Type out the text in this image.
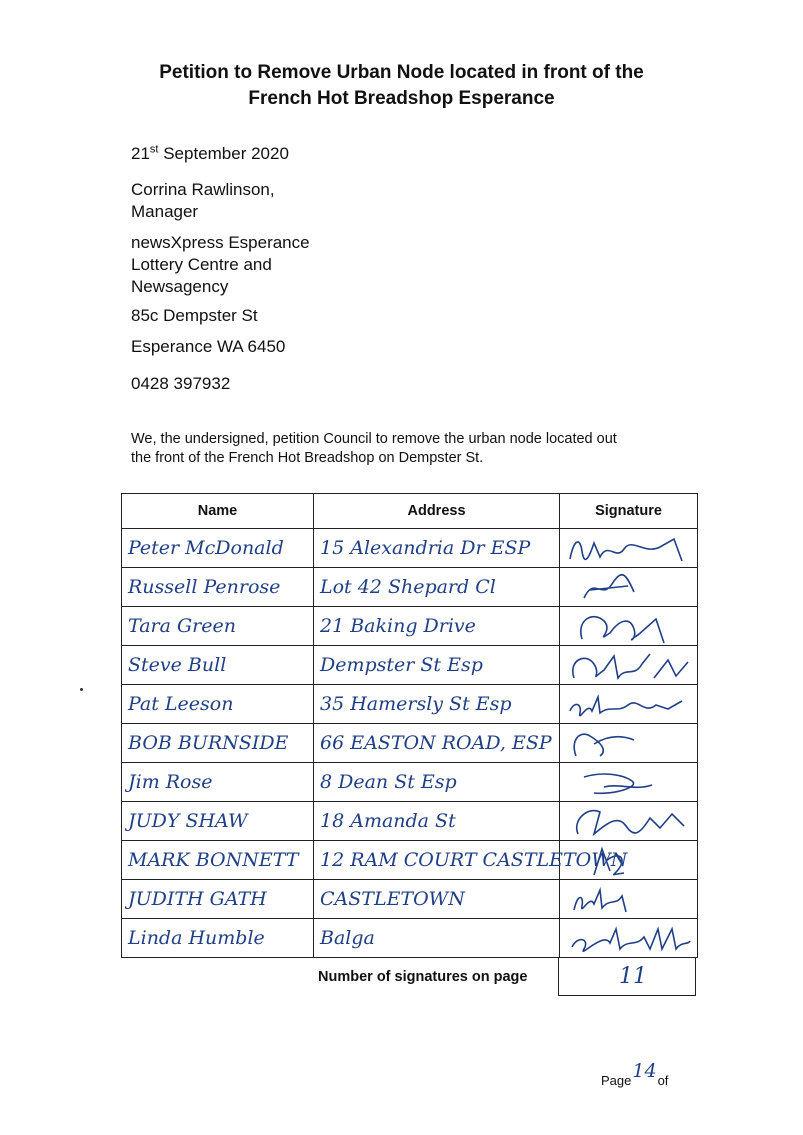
Petition to Remove Urban Node located in front of the
French Hot Breadshop Esperance
21st September 2020
Corrina Rawlinson,
Manager
newsXpress Esperance
Lottery Centre and
Newsagency
85c Dempster St
Esperance WA 6450
0428 397932
We, the undersigned, petition Council to remove the urban node located out
the front of the French Hot Breadshop on Dempster St.
Name	Address	Signature

Peter McDonald	15 Alexandria Dr ESP

Russell Penrose	Lot 42 Shepard Cl

Tara Green	21 Baking Drive

Steve Bull	Dempster St Esp

Pat Leeson	35 Hamersly St Esp

BOB BURNSIDE	66 EASTON ROAD, ESP

Jim Rose	8 Dean St Esp

JUDY SHAW	18 Amanda St

MARK BONNETT	12 RAM COURT CASTLETOWN

JUDITH GATH	CASTLETOWN

Linda Humble	Balga

Number of signatures on page	11
Page14of
